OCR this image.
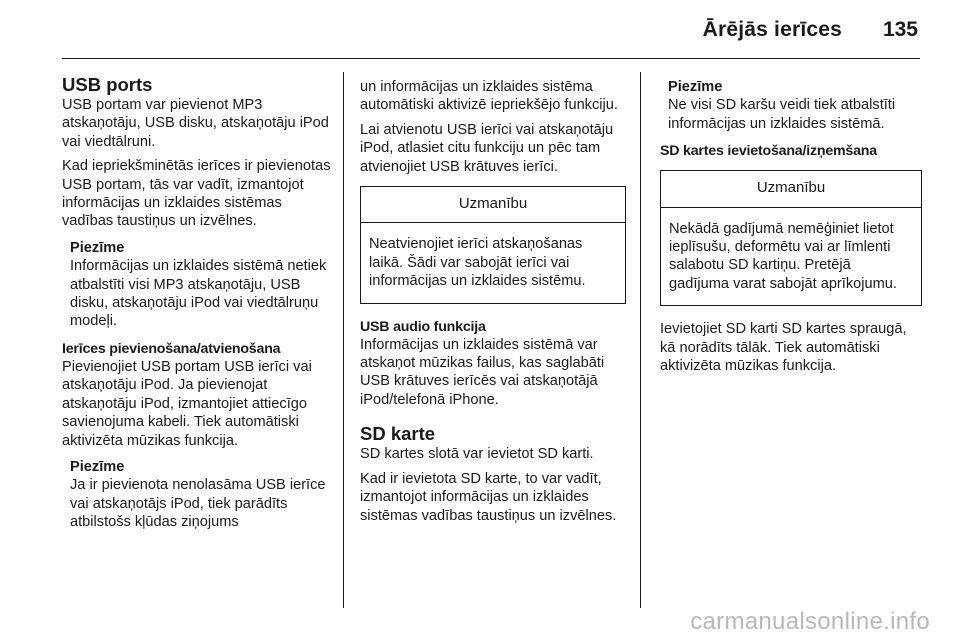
Ārējās ierīces 135
USB ports

USB portam var pievienot MP3 atskaņotāju, USB disku, atskaņotāju iPod vai viedtālruni.

Kad iepriekšminētās ierīces ir pievienotas USB portam, tās var vadīt, izmantojot informācijas un izklaides sistēmas vadības taustiņus un izvēlnes.

Piezīme
Informācijas un izklaides sistēmā netiek atbalstīti visi MP3 atskaņotāju, USB disku, atskaņotāju iPod vai viedtālruņu modeļi.
Ierīces pievienošana/atvienošana

Pievienojiet USB portam USB ierīci vai atskaņotāju iPod. Ja pievienojat atskaņotāju iPod, izmantojiet attiecīgo savienojuma kabeli. Tiek automātiski aktivizēta mūzikas funkcija.

Piezīme
Ja ir pievienota nenolasāma USB ierīce vai atskaņotājs iPod, tiek parādīts atbilstošs kļūdas ziņojums

un informācijas un izklaides sistēma automātiski aktivizē iepriekšējo funkciju.

Lai atvienotu USB ierīci vai atskaņotāju iPod, atlasiet citu funkciju un pēc tam atvienojiet USB krātuves ierīci.

Uzmanību
Neatvienojiet ierīci atskaņošanas laikā. Šādi var sabojāt ierīci vai informācijas un izklaides sistēmu.
USB audio funkcija

Informācijas un izklaides sistēmā var atskaņot mūzikas failus, kas saglabāti USB krātuves ierīcēs vai atskaņotājā iPod/telefonā iPhone.

SD karte

SD kartes slotā var ievietot SD karti.

Kad ir ievietota SD karte, to var vadīt, izmantojot informācijas un izklaides sistēmas vadības taustiņus un izvēlnes.

Piezīme
Ne visi SD karšu veidi tiek atbalstīti informācijas un izklaides sistēmā.
SD kartes ievietošana/izņemšana
Uzmanību
Nekādā gadījumā nemēģiniet lietot ieplīsušu, deformētu vai ar līmlenti salabotu SD kartiņu. Pretējā gadījuma varat sabojāt aprīkojumu.

Ievietojiet SD karti SD kartes spraugā, kā norādīts tālāk. Tiek automātiski aktivizēta mūzikas funkcija.

carmanualsonline.info
